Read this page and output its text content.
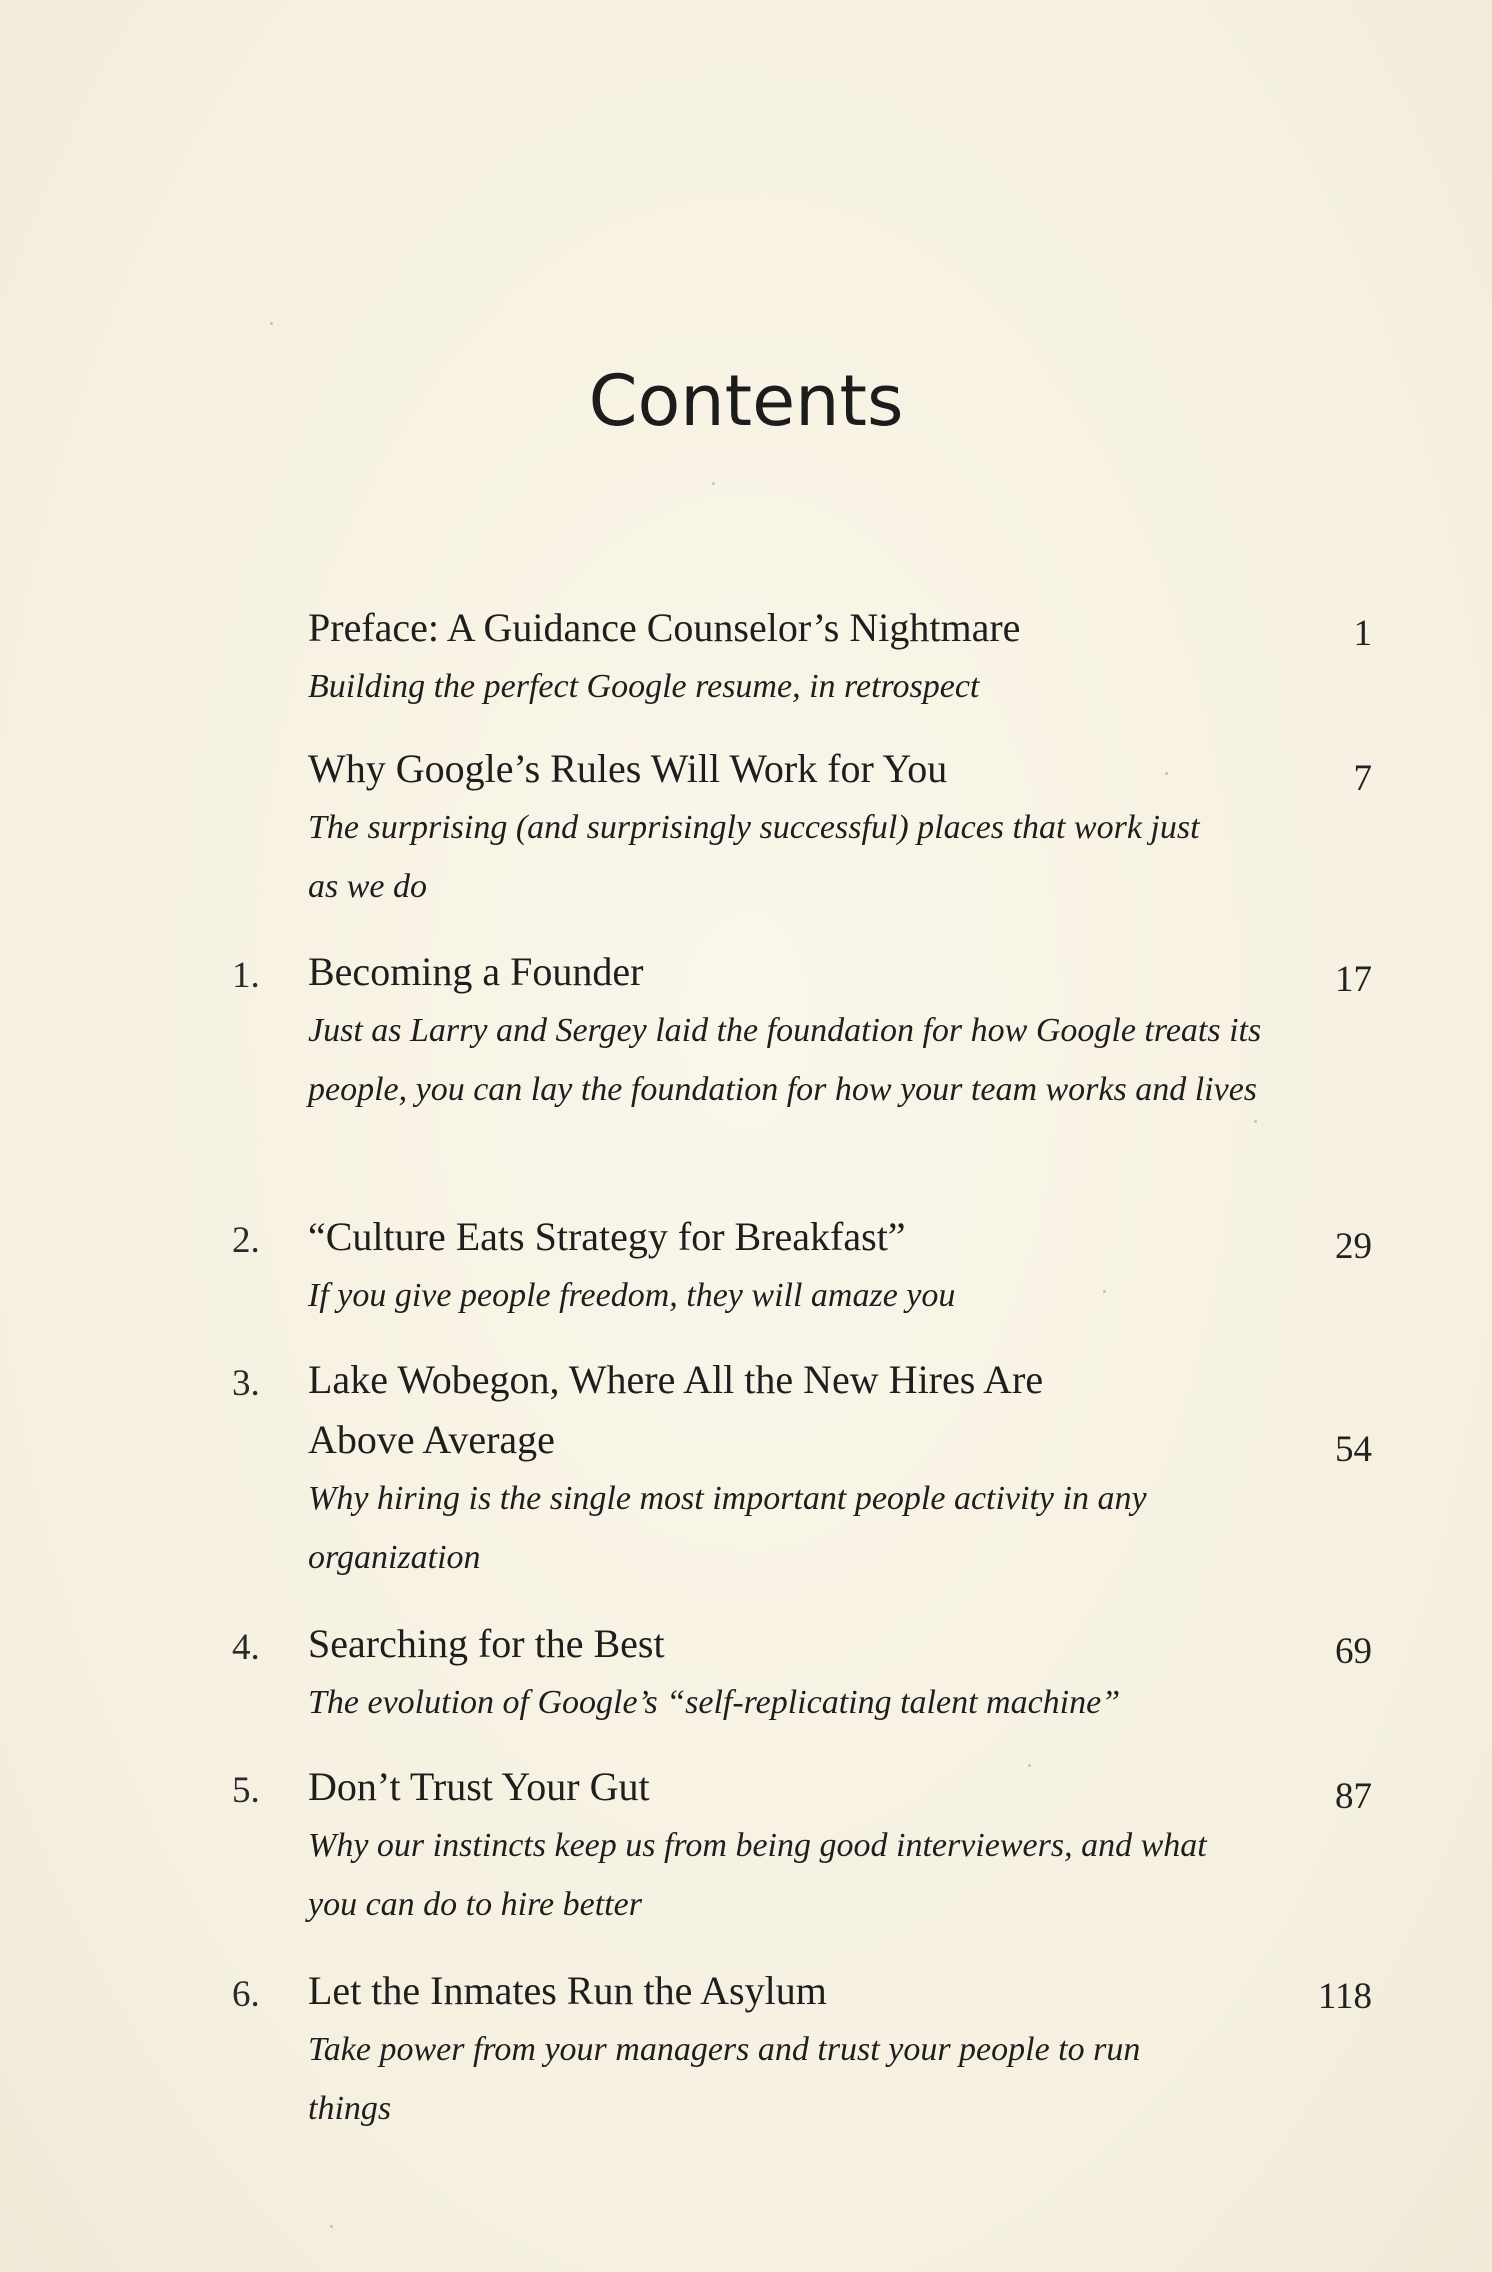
Contents
Preface: A Guidance Counselor’s Nightmare	1
Building the perfect Google resume, in retrospect
Why Google’s Rules Will Work for You	7
The surprising (and surprisingly successful) places that work just as we do
1. Becoming a Founder	17
Just as Larry and Sergey laid the foundation for how Google treats its people, you can lay the foundation for how your team works and lives
2. “Culture Eats Strategy for Breakfast”	29
If you give people freedom, they will amaze you
3. Lake Wobegon, Where All the New Hires Are
Above Average	54
Why hiring is the single most important people activity in any organization
4. Searching for the Best	69
The evolution of Google’s “self-replicating talent machine”
5. Don’t Trust Your Gut	87
Why our instincts keep us from being good interviewers, and what you can do to hire better
6. Let the Inmates Run the Asylum	118
Take power from your managers and trust your people to run things
